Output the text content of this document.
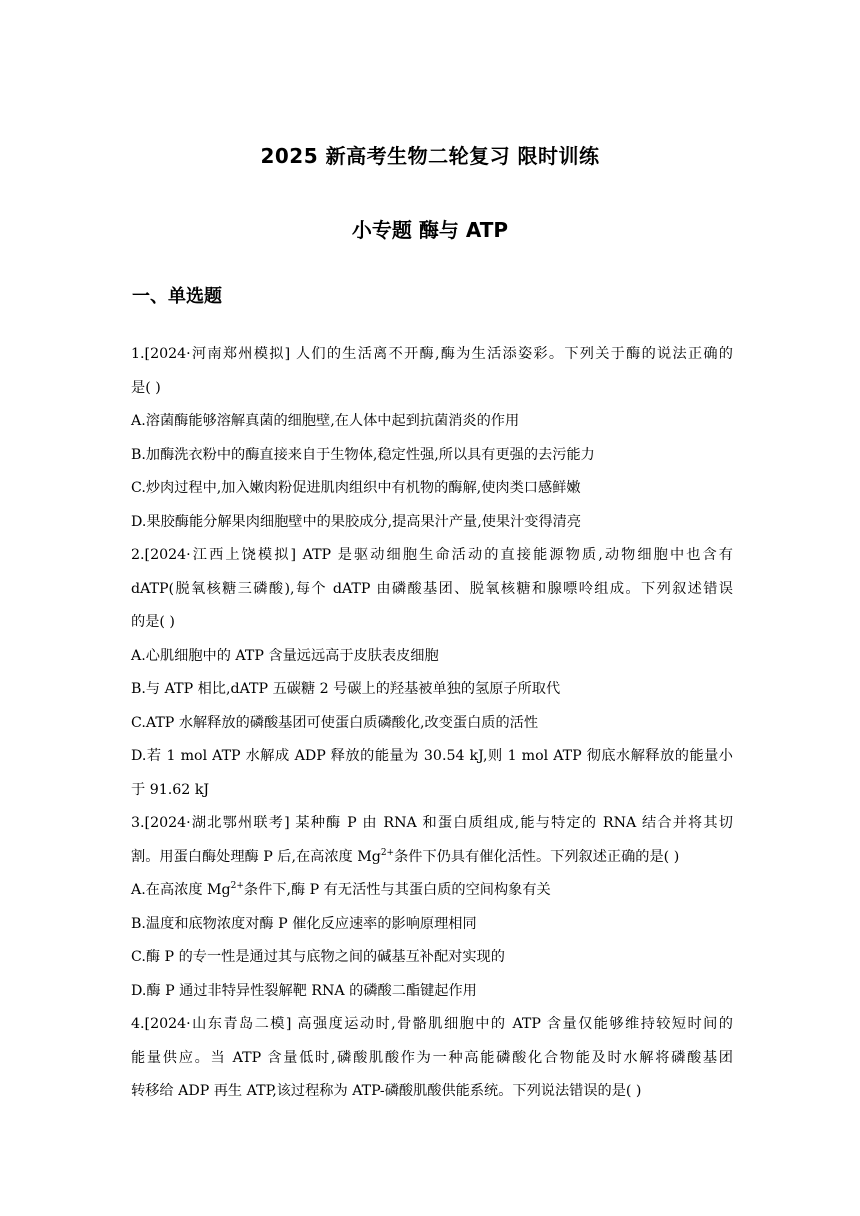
2025 新高考生物二轮复习 限时训练
小专题 酶与 ATP
一、单选题
1.[2024·河南郑州模拟] 人们的生活离不开酶,酶为生活添姿彩。下列关于酶的说法正确的
是( )
A.溶菌酶能够溶解真菌的细胞壁,在人体中起到抗菌消炎的作用
B.加酶洗衣粉中的酶直接来自于生物体,稳定性强,所以具有更强的去污能力
C.炒肉过程中,加入嫩肉粉促进肌肉组织中有机物的酶解,使肉类口感鲜嫩
D.果胶酶能分解果肉细胞壁中的果胶成分,提高果汁产量,使果汁变得清亮
2.[2024·江西上饶模拟] ATP 是驱动细胞生命活动的直接能源物质,动物细胞中也含有
dATP(脱氧核糖三磷酸),每个 dATP 由磷酸基团、脱氧核糖和腺嘌呤组成。下列叙述错误
的是( )
A.心肌细胞中的 ATP 含量远远高于皮肤表皮细胞
B.与 ATP 相比,dATP 五碳糖 2 号碳上的羟基被单独的氢原子所取代
C.ATP 水解释放的磷酸基团可使蛋白质磷酸化,改变蛋白质的活性
D.若 1 mol ATP 水解成 ADP 释放的能量为 30.54 kJ,则 1 mol ATP 彻底水解释放的能量小
于 91.62 kJ
3.[2024·湖北鄂州联考] 某种酶 P 由 RNA 和蛋白质组成,能与特定的 RNA 结合并将其切
割。用蛋白酶处理酶 P 后,在高浓度 $Mg^{2+}$条件下仍具有催化活性。下列叙述正确的是( )
A.在高浓度 $Mg^{2+}$条件下,酶 P 有无活性与其蛋白质的空间构象有关
B.温度和底物浓度对酶 P 催化反应速率的影响原理相同
C.酶 P 的专一性是通过其与底物之间的碱基互补配对实现的
D.酶 P 通过非特异性裂解靶 RNA 的磷酸二酯键起作用
4.[2024·山东青岛二模] 高强度运动时,骨骼肌细胞中的 ATP 含量仅能够维持较短时间的
能量供应。当 ATP 含量低时,磷酸肌酸作为一种高能磷酸化合物能及时水解将磷酸基团
转移给 ADP 再生 ATP,该过程称为 ATP-磷酸肌酸供能系统。下列说法错误的是( )
